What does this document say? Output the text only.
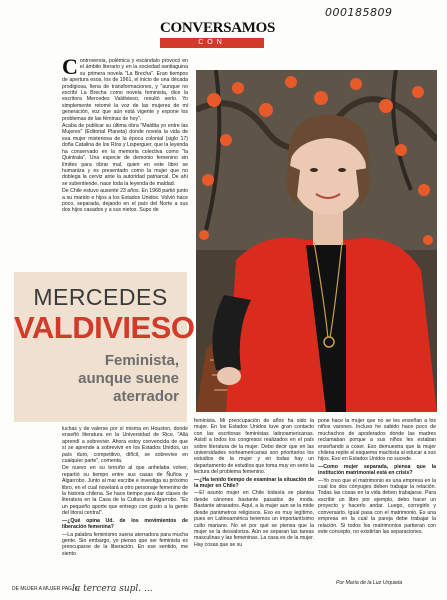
000185809
CONVERSAMOS
CON

Controversia, polémica y escándalo provocó en el ámbito literario y en la sociedad santiaguina su primera novela "La Brecha". Eran tiempos de apertura esos, los de 1961, el inicio de una década prodigiosa, llena de transformaciones, y "aunque no escribí La Brecha como novela feminista, dice la escritora Mercedes Valdivieso, resultó serlo. Yo simplemente retomé la voz de las mujeres de mi generación, voz que aún está vigente y expone los problemas de las féminas de hoy".

Acaba de publicar su última obra "Maldita yo entre las Mujeres" (Editorial Planeta) donde novela la vida de esa mujer misteriosa de la época colonial (siglo 17) doña Catalina de los Ríos y Lisperguer, que la leyenda ha conservado en la memoria colectiva como "la Quintrala". Una especie de demonio femenino sin límites para obrar mal, quien en este libro se humaniza y es presentado como la mujer que no doblega la cerviz ante la autoridad patriarcal. De ahí se subentiende, nace toda la leyenda de maldad.

De Chile estuvo ausente 23 años. En 1968 partió junto a su marido e hijos a los Estados Unidos. Volvió hace poco, separada, dejando en el país del Norte a sus dos hijos casados y a sus nietos. Supo de

MERCEDES
VALDIVIESO
Feminista,
aunque suene
aterrador

luchas y de valerse por sí misma en Houston, donde enseñó literatura en la Universidad de Rice. "Allá aprendí a sobrevivir. Ahora estoy convencida de que sí se aprende a sobrevivir en los Estados Unidos, un país duro, competitivo, difícil, se sobrevive en cualquier parte", comenta.

De nuevo en su terruño al que anhelaba volver, repartió su tiempo entre sus casas de Ñuñoa y Algarrobo. Junto al mar escribe e investiga su próximo libro, en el cual novelará a otro personaje femenino de la historia chilena. Se hace tiempo para dar clases de literatura en la Casa de la Cultura de Algarrobo. "Es un pequeño aporte que entrego con gusto a la gente del litoral central".

—¿Qué opina Ud. de los movimientos de liberación femenina?

—La palabra feminismo suena aterradora para mucha gente. Sin embargo, yo pienso que ser feminista es preocuparse de la liberación. En ese sentido, me siento

feminista. Mi preocupación de años ha sido la mujer. En los Estados Unidos tuve gran contacto con las escritoras feministas latinoamericanas. Asistí a todos los congresos realizados en el país sobre literatura de la mujer. Debo decir que en las universidades norteamericanas son prioritarios los estudios de la mujer y en todas hay un departamento de estudios que toma muy en serio la lectura del problema femenino.

—¿Ha tenido tiempo de examinar la situación de la mujer en Chile?

—El asunto mujer en Chile todavía se plantea desde cánones bastante pasados de moda. Bastante atrasados. Aquí, a la mujer aun se la mide desde parámetros religiosos. Eso es muy legítimo, pues en Latinoamérica tenemos un importantísimo culto mariano. No sé por qué se piensa que la mujer se la desvaloriza. Aún se separan las tareas masculinas y las femeninas. La casa es de la mujer. Hay cosas que se su

pone hace la mujer que no se les enseñan a los niños varones. Incluso he sabido hace poco de muchachos de apoderados donde las madres reclamaban porque a sus niños les estaban enseñando a coser. Eso demuestra que la mujer chilena repite el esquema machista al educar a sus hijos. Eso en Estados Unidos no sucede.

—Como mujer separada, piensa que la institución matrimonial está en crisis?

—Yo creo que el matrimonio es una empresa en la cual los dos cónyuges deben trabajar la relación. Todas las cosas en la vida deben trabajarse. Para escribir un libro por ejemplo, debo hacer un proyecto y hacerlo andar. Luego, corregirlo y conversarlo. Igual pasa con el matrimonio. Es una empresa en la cual la pareja debe trabajar la relación. Si todos los matrimonios partieran con este concepto, no existirían las separaciones.

Por María de la Luz Urquieta
DE MUJER A MUJER PAG. 6
la tercera supl. ...
